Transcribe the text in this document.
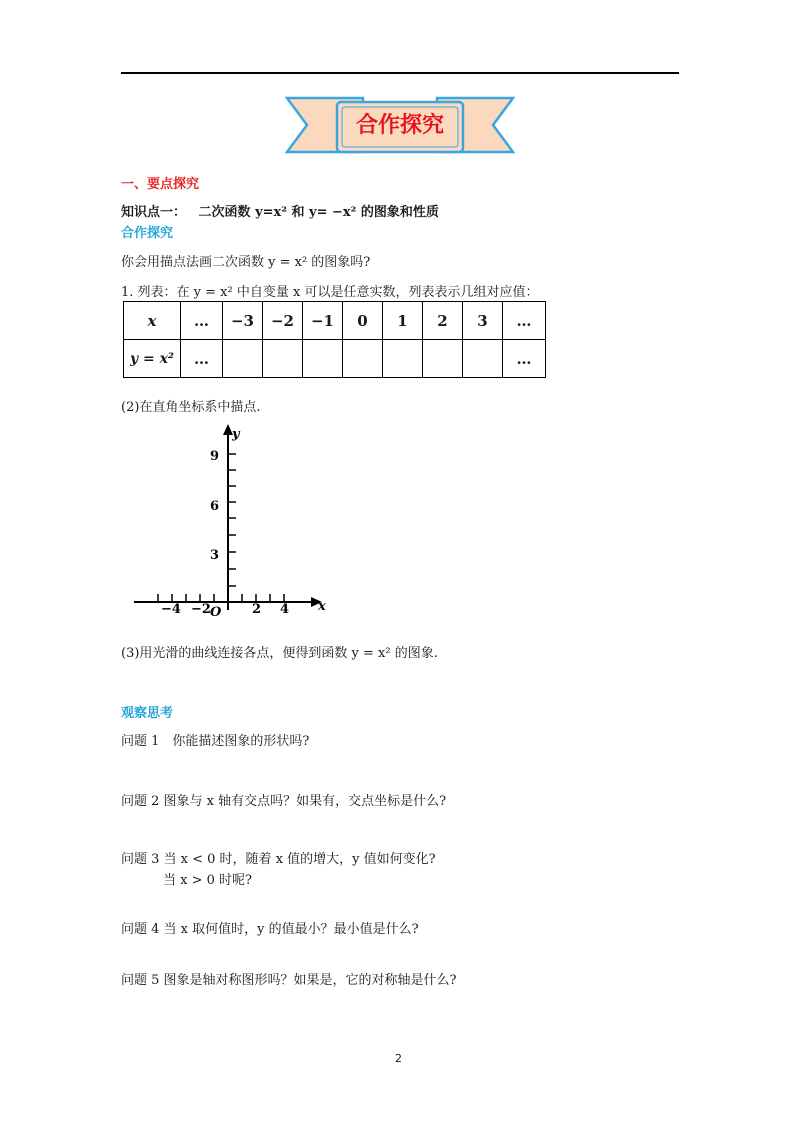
合作探究
一、要点探究
知识点一： 二次函数 y=x² 和 y= −x² 的图象和性质
合作探究
你会用描点法画二次函数 y = x² 的图象吗?
1. 列表：在 y = x² 中自变量 x 可以是任意实数，列表表示几组对应值：
x	…	−3	−2	−1	0	1	2	3	…
y = x²	…								…
(2)在直角坐标系中描点.
y
x
O
9
6
3
−4 −2	2 4
(3)用光滑的曲线连接各点，便得到函数 y = x² 的图象.
观察思考
问题 1　你能描述图象的形状吗?
问题 2 图象与 x 轴有交点吗？如果有，交点坐标是什么?
问题 3 当 x < 0 时，随着 x 值的增大，y 值如何变化?
当 x > 0 时呢?
问题 4 当 x 取何值时，y 的值最小？最小值是什么?
问题 5 图象是轴对称图形吗？如果是，它的对称轴是什么?
2
